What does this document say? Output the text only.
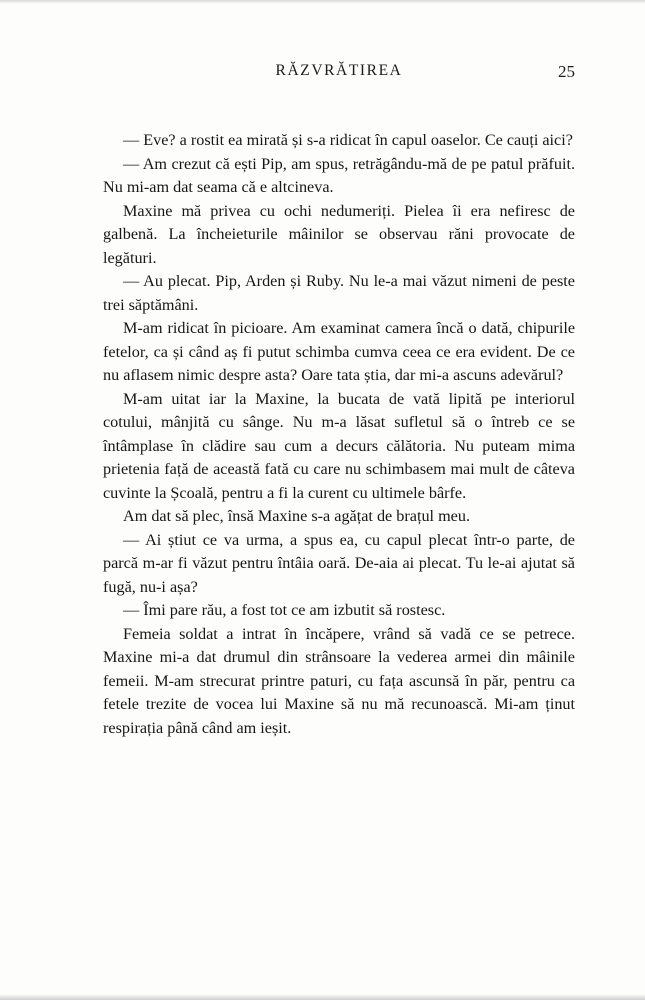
RĂZVRĂTIREA	25

— Eve? a rostit ea mirată și s-a ridicat în capul oaselor. Ce cauți aici?

— Am crezut că ești Pip, am spus, retrăgându-mă de pe patul prăfuit. Nu mi-am dat seama că e altcineva.

Maxine mă privea cu ochi nedumeriți. Pielea îi era nefiresc de galbenă. La încheieturile mâinilor se observau răni provocate de legături.

— Au plecat. Pip, Arden și Ruby. Nu le-a mai văzut nimeni de peste trei săptămâni.

M-am ridicat în picioare. Am examinat camera încă o dată, chipurile fetelor, ca și când aș fi putut schimba cumva ceea ce era evident. De ce nu aflasem nimic despre asta? Oare tata știa, dar mi-a ascuns adevărul?

M-am uitat iar la Maxine, la bucata de vată lipită pe interiorul cotului, mânjită cu sânge. Nu m-a lăsat sufletul să o întreb ce se întâmplase în clădire sau cum a decurs călătoria. Nu puteam mima prietenia față de această fată cu care nu schimbasem mai mult de câteva cuvinte la Școală, pentru a fi la curent cu ultimele bârfe.

Am dat să plec, însă Maxine s-a agățat de brațul meu.

— Ai știut ce va urma, a spus ea, cu capul plecat într-o parte, de parcă m-ar fi văzut pentru întâia oară. De-aia ai plecat. Tu le-ai ajutat să fugă, nu-i așa?

— Îmi pare rău, a fost tot ce am izbutit să rostesc.

Femeia soldat a intrat în încăpere, vrând să vadă ce se petrece. Maxine mi-a dat drumul din strânsoare la vederea armei din mâinile femeii. M-am strecurat printre paturi, cu fața ascunsă în păr, pentru ca fetele trezite de vocea lui Maxine să nu mă recunoască. Mi-am ținut respirația până când am ieșit.
